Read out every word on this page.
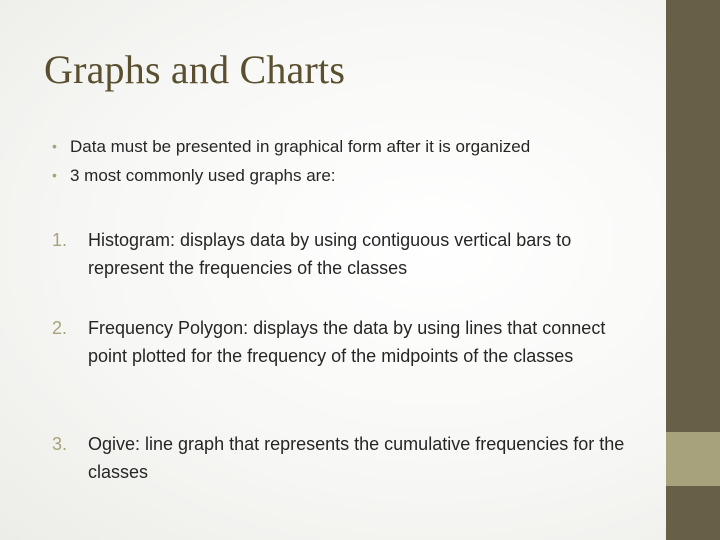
Graphs and Charts
• Data must be presented in graphical form after it is organized
• 3 most commonly used graphs are:
1. Histogram: displays data by using contiguous vertical bars to represent the frequencies of the classes
2. Frequency Polygon: displays the data by using lines that connect point plotted for the frequency of the midpoints of the classes
3. Ogive: line graph that represents the cumulative frequencies for the classes
